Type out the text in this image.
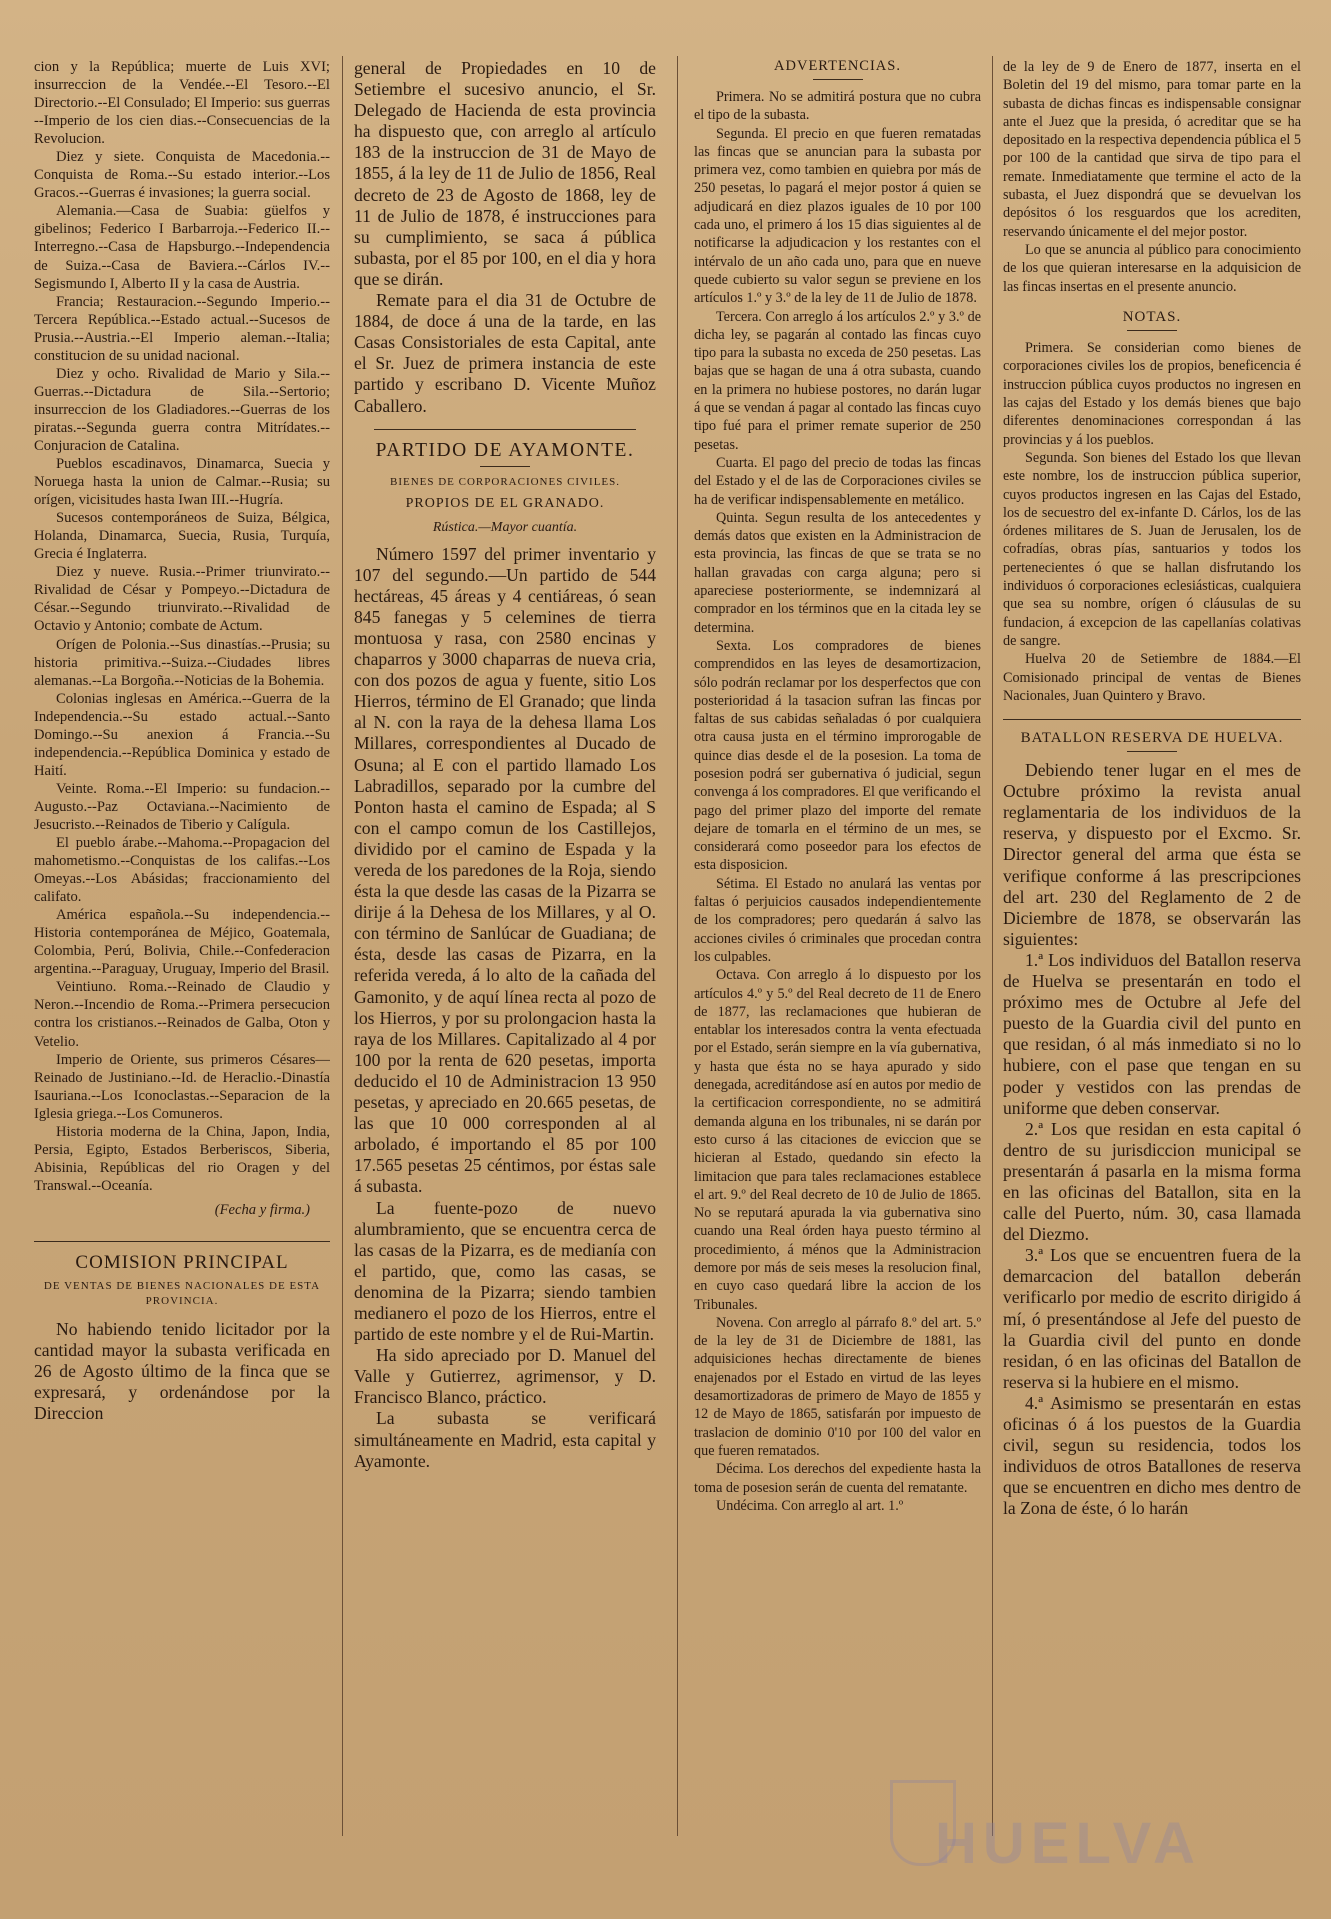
cion y la República; muerte de Luis XVI; insurreccion de la Vendée.--El Tesoro.--El Directorio.--El Consulado; El Imperio: sus guerras --Imperio de los cien dias.--Consecuencias de la Revolucion.

Diez y siete. Conquista de Macedonia.--Conquista de Roma.--Su estado interior.--Los Gracos.--Guerras é invasiones; la guerra social.

Alemania.—Casa de Suabia: güelfos y gibelinos; Federico I Barbarroja.--Federico II.--Interregno.--Casa de Hapsburgo.--Independencia de Suiza.--Casa de Baviera.--Cárlos IV.--Segismundo I, Alberto II y la casa de Austria.

Francia; Restauracion.--Segundo Imperio.--Tercera República.--Estado actual.--Sucesos de Prusia.--Austria.--El Imperio aleman.--Italia; constitucion de su unidad nacional.

Diez y ocho. Rivalidad de Mario y Sila.--Guerras.--Dictadura de Sila.--Sertorio; insurreccion de los Gladiadores.--Guerras de los piratas.--Segunda guerra contra Mitrídates.--Conjuracion de Catalina.

Pueblos escadinavos, Dinamarca, Suecia y Noruega hasta la union de Calmar.--Rusia; su orígen, vicisitudes hasta Iwan III.--Hugría.

Sucesos contemporáneos de Suiza, Bélgica, Holanda, Dinamarca, Suecia, Rusia, Turquía, Grecia é Inglaterra.

Diez y nueve. Rusia.--Primer triunvirato.--Rivalidad de César y Pompeyo.--Dictadura de César.--Segundo triunvirato.--Rivalidad de Octavio y Antonio; combate de Actum.

Orígen de Polonia.--Sus dinastías.--Prusia; su historia primitiva.--Suiza.--Ciudades libres alemanas.--La Borgoña.--Noticias de la Bohemia.

Colonias inglesas en América.--Guerra de la Independencia.--Su estado actual.--Santo Domingo.--Su anexion á Francia.--Su independencia.--República Dominica y estado de Haití.

Veinte. Roma.--El Imperio: su fundacion.--Augusto.--Paz Octaviana.--Nacimiento de Jesucristo.--Reinados de Tiberio y Calígula.

El pueblo árabe.--Mahoma.--Propagacion del mahometismo.--Conquistas de los califas.--Los Omeyas.--Los Abásidas; fraccionamiento del califato.

América española.--Su independencia.--Historia contemporánea de Méjico, Goatemala, Colombia, Perú, Bolivia, Chile.--Confederacion argentina.--Paraguay, Uruguay, Imperio del Brasil.

Veintiuno. Roma.--Reinado de Claudio y Neron.--Incendio de Roma.--Primera persecucion contra los cristianos.--Reinados de Galba, Oton y Vetelio.

Imperio de Oriente, sus primeros Césares—Reinado de Justiniano.--Id. de Heraclio.-Dinastía Isauriana.--Los Iconoclastas.--Separacion de la Iglesia griega.--Los Comuneros.

Historia moderna de la China, Japon, India, Persia, Egipto, Estados Berberiscos, Siberia, Abisinia, Repúblicas del rio Oragen y del Transwal.--Oceanía.

(Fecha y firma.)

COMISION PRINCIPAL

DE VENTAS DE BIENES NACIONALES DE ESTA PROVINCIA.

No habiendo tenido licitador por la cantidad mayor la subasta verificada en 26 de Agosto último de la finca que se expresará, y ordenándose por la Direccion

general de Propiedades en 10 de Setiembre el sucesivo anuncio, el Sr. Delegado de Hacienda de esta provincia ha dispuesto que, con arreglo al artículo 183 de la instruccion de 31 de Mayo de 1855, á la ley de 11 de Julio de 1856, Real decreto de 23 de Agosto de 1868, ley de 11 de Julio de 1878, é instrucciones para su cumplimiento, se saca á pública subasta, por el 85 por 100, en el dia y hora que se dirán.

Remate para el dia 31 de Octubre de 1884, de doce á una de la tarde, en las Casas Consistoriales de esta Capital, ante el Sr. Juez de primera instancia de este partido y escribano D. Vicente Muñoz Caballero.

PARTIDO DE AYAMONTE.

BIENES DE CORPORACIONES CIVILES.

PROPIOS DE EL GRANADO.

Rústica.—Mayor cuantía.

Número 1597 del primer inventario y 107 del segundo.—Un partido de 544 hectáreas, 45 áreas y 4 centiáreas, ó sean 845 fanegas y 5 celemines de tierra montuosa y rasa, con 2580 encinas y chaparros y 3000 chaparras de nueva cria, con dos pozos de agua y fuente, sitio Los Hierros, término de El Granado; que linda al N. con la raya de la dehesa llama Los Millares, correspondientes al Ducado de Osuna; al E con el partido llamado Los Labradillos, separado por la cumbre del Ponton hasta el camino de Espada; al S con el campo comun de los Castillejos, dividido por el camino de Espada y la vereda de los paredones de la Roja, siendo ésta la que desde las casas de la Pizarra se dirije á la Dehesa de los Millares, y al O. con término de Sanlúcar de Guadiana; de ésta, desde las casas de Pizarra, en la referida vereda, á lo alto de la cañada del Gamonito, y de aquí línea recta al pozo de los Hierros, y por su prolongacion hasta la raya de los Millares. Capitalizado al 4 por 100 por la renta de 620 pesetas, importa deducido el 10 de Administracion 13 950 pesetas, y apreciado en 20.665 pesetas, de las que 10 000 corresponden al al arbolado, é importando el 85 por 100 17.565 pesetas 25 céntimos, por éstas sale á subasta.

La fuente-pozo de nuevo alumbramiento, que se encuentra cerca de las casas de la Pizarra, es de medianía con el partido, que, como las casas, se denomina de la Pizarra; siendo tambien medianero el pozo de los Hierros, entre el partido de este nombre y el de Rui-Martin.

Ha sido apreciado por D. Manuel del Valle y Gutierrez, agrimensor, y D. Francisco Blanco, práctico.

La subasta se verificará simultáneamente en Madrid, esta capital y Ayamonte.

ADVERTENCIAS.

Primera. No se admitirá postura que no cubra el tipo de la subasta.

Segunda. El precio en que fueren rematadas las fincas que se anuncian para la subasta por primera vez, como tambien en quiebra por más de 250 pesetas, lo pagará el mejor postor á quien se adjudicará en diez plazos iguales de 10 por 100 cada uno, el primero á los 15 dias siguientes al de notificarse la adjudicacion y los restantes con el intérvalo de un año cada uno, para que en nueve quede cubierto su valor segun se previene en los artículos 1.º y 3.º de la ley de 11 de Julio de 1878.

Tercera. Con arreglo á los artículos 2.º y 3.º de dicha ley, se pagarán al contado las fincas cuyo tipo para la subasta no exceda de 250 pesetas. Las bajas que se hagan de una á otra subasta, cuando en la primera no hubiese postores, no darán lugar á que se vendan á pagar al contado las fincas cuyo tipo fué para el primer remate superior de 250 pesetas.

Cuarta. El pago del precio de todas las fincas del Estado y el de las de Corporaciones civiles se ha de verificar indispensablemente en metálico.

Quinta. Segun resulta de los antecedentes y demás datos que existen en la Administracion de esta provincia, las fincas de que se trata se no hallan gravadas con carga alguna; pero si apareciese posteriormente, se indemnizará al comprador en los términos que en la citada ley se determina.

Sexta. Los compradores de bienes comprendidos en las leyes de desamortizacion, sólo podrán reclamar por los desperfectos que con posterioridad á la tasacion sufran las fincas por faltas de sus cabidas señaladas ó por cualquiera otra causa justa en el término improrogable de quince dias desde el de la posesion. La toma de posesion podrá ser gubernativa ó judicial, segun convenga á los compradores. El que verificando el pago del primer plazo del importe del remate dejare de tomarla en el término de un mes, se considerará como poseedor para los efectos de esta disposicion.

Sétima. El Estado no anulará las ventas por faltas ó perjuicios causados independientemente de los compradores; pero quedarán á salvo las acciones civiles ó criminales que procedan contra los culpables.

Octava. Con arreglo á lo dispuesto por los artículos 4.º y 5.º del Real decreto de 11 de Enero de 1877, las reclamaciones que hubieran de entablar los interesados contra la venta efectuada por el Estado, serán siempre en la vía gubernativa, y hasta que ésta no se haya apurado y sido denegada, acreditándose así en autos por medio de la certificacion correspondiente, no se admitirá demanda alguna en los tribunales, ni se darán por esto curso á las citaciones de eviccion que se hicieran al Estado, quedando sin efecto la limitacion que para tales reclamaciones establece el art. 9.º del Real decreto de 10 de Julio de 1865. No se reputará apurada la via gubernativa sino cuando una Real órden haya puesto término al procedimiento, á ménos que la Administracion demore por más de seis meses la resolucion final, en cuyo caso quedará libre la accion de los Tribunales.

Novena. Con arreglo al párrafo 8.º del art. 5.º de la ley de 31 de Diciembre de 1881, las adquisiciones hechas directamente de bienes enajenados por el Estado en virtud de las leyes desamortizadoras de primero de Mayo de 1855 y 12 de Mayo de 1865, satisfarán por impuesto de traslacion de dominio 0'10 por 100 del valor en que fueren rematados.

Décima. Los derechos del expediente hasta la toma de posesion serán de cuenta del rematante.

Undécima. Con arreglo al art. 1.º

de la ley de 9 de Enero de 1877, inserta en el Boletin del 19 del mismo, para tomar parte en la subasta de dichas fincas es indispensable consignar ante el Juez que la presida, ó acreditar que se ha depositado en la respectiva dependencia pública el 5 por 100 de la cantidad que sirva de tipo para el remate. Inmediatamente que termine el acto de la subasta, el Juez dispondrá que se devuelvan los depósitos ó los resguardos que los acrediten, reservando únicamente el del mejor postor.

Lo que se anuncia al público para conocimiento de los que quieran interesarse en la adquisicion de las fincas insertas en el presente anuncio.

NOTAS.

Primera. Se considerian como bienes de corporaciones civiles los de propios, beneficencia é instruccion pública cuyos productos no ingresen en las cajas del Estado y los demás bienes que bajo diferentes denominaciones correspondan á las provincias y á los pueblos.

Segunda. Son bienes del Estado los que llevan este nombre, los de instruccion pública superior, cuyos productos ingresen en las Cajas del Estado, los de secuestro del ex-infante D. Cárlos, los de las órdenes militares de S. Juan de Jerusalen, los de cofradías, obras pías, santuarios y todos los pertenecientes ó que se hallan disfrutando los individuos ó corporaciones eclesiásticas, cualquiera que sea su nombre, orígen ó cláusulas de su fundacion, á excepcion de las capellanías colativas de sangre.

Huelva 20 de Setiembre de 1884.—El Comisionado principal de ventas de Bienes Nacionales, Juan Quintero y Bravo.

BATALLON RESERVA DE HUELVA.

Debiendo tener lugar en el mes de Octubre próximo la revista anual reglamentaria de los individuos de la reserva, y dispuesto por el Excmo. Sr. Director general del arma que ésta se verifique conforme á las prescripciones del art. 230 del Reglamento de 2 de Diciembre de 1878, se observarán las siguientes:

1.ª Los individuos del Batallon reserva de Huelva se presentarán en todo el próximo mes de Octubre al Jefe del puesto de la Guardia civil del punto en que residan, ó al más inmediato si no lo hubiere, con el pase que tengan en su poder y vestidos con las prendas de uniforme que deben conservar.

2.ª Los que residan en esta capital ó dentro de su jurisdiccion municipal se presentarán á pasarla en la misma forma en las oficinas del Batallon, sita en la calle del Puerto, núm. 30, casa llamada del Diezmo.

3.ª Los que se encuentren fuera de la demarcacion del batallon deberán verificarlo por medio de escrito dirigido á mí, ó presentándose al Jefe del puesto de la Guardia civil del punto en donde residan, ó en las oficinas del Batallon de reserva si la hubiere en el mismo.

4.ª Asimismo se presentarán en estas oficinas ó á los puestos de la Guardia civil, segun su residencia, todos los individuos de otros Batallones de reserva que se encuentren en dicho mes dentro de la Zona de éste, ó lo harán

HUELVA
